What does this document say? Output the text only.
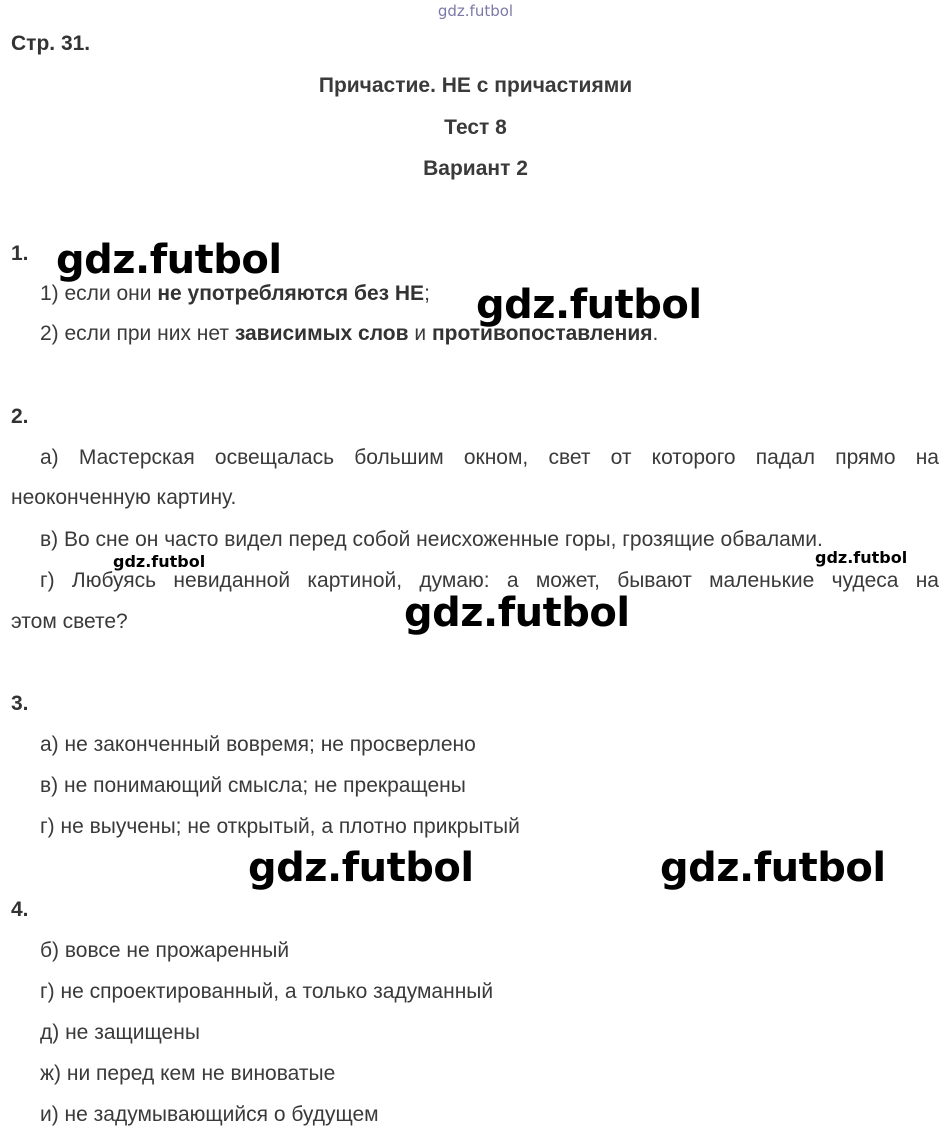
gdz.futbol
Стр. 31.
Причастие. НЕ с причастиями
Тест 8
Вариант 2
1.
1) если они не употребляются без НЕ;
2) если при них нет зависимых слов и противопоставления.
2.
а) Мастерская освещалась большим окном, свет от которого падал прямо на
неоконченную картину.
в) Во сне он часто видел перед собой неисхоженные горы, грозящие обвалами.
г) Любуясь невиданной картиной, думаю: а может, бывают маленькие чудеса на
этом свете?
3.
а) не законченный вовремя; не просверлено
в) не понимающий смысла; не прекращены
г) не выучены; не открытый, а плотно прикрытый
4.
б) вовсе не прожаренный
г) не спроектированный, а только задуманный
д) не защищены
ж) ни перед кем не виноватые
и) не задумывающийся о будущем
gdz.futbol
gdz.futbol
gdz.futbol	gdz.futbol
gdz.futbol
gdz.futbol	gdz.futbol
